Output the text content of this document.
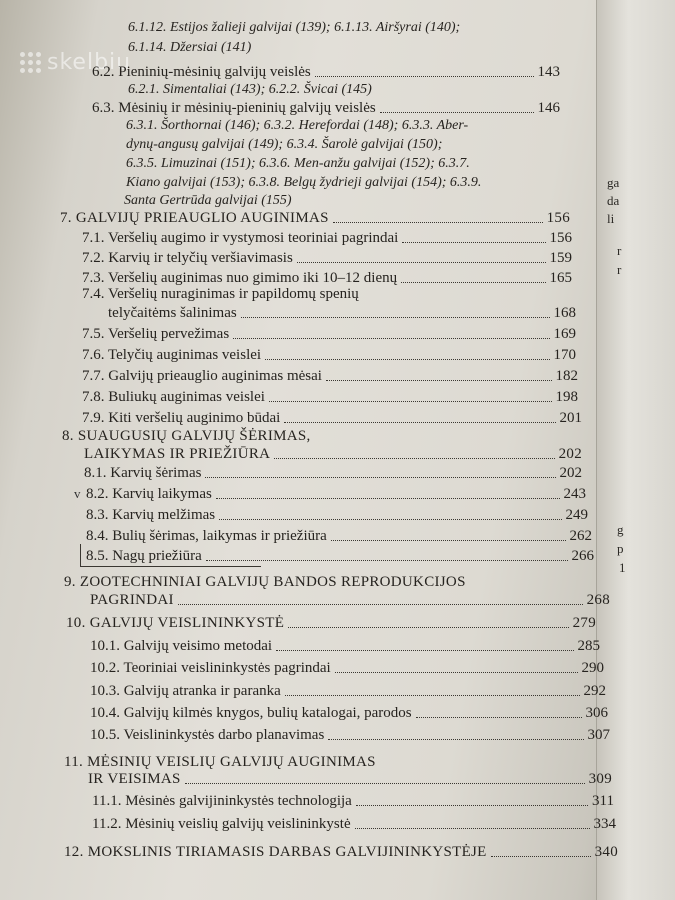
skelbiu
ga
da
li
r
r
g
p
1
6.1.12. Estijos žalieji galvijai (139); 6.1.13. Airšyrai (140);
6.1.14. Džersiai (141)
6.2. Pieninių-mėsinių galvijų veislės	143
6.2.1. Simentaliai (143); 6.2.2. Švicai (145)
6.3. Mėsinių ir mėsinių-pieninių galvijų veislės	146
6.3.1. Šorthornai (146); 6.3.2. Herefordai (148); 6.3.3. Aber-
dynų-angusų galvijai (149); 6.3.4. Šarolė galvijai (150);
6.3.5. Limuzinai (151); 6.3.6. Men-anžu galvijai (152); 6.3.7.
Kiano galvijai (153); 6.3.8. Belgų žydrieji galvijai (154); 6.3.9.
Santa Gertrūda galvijai (155)
7. GALVIJŲ PRIEAUGLIO AUGINIMAS	156
7.1. Veršelių augimo ir vystymosi teoriniai pagrindai	156
7.2. Karvių ir telyčių veršiavimasis	159
7.3. Veršelių auginimas nuo gimimo iki 10–12 dienų	165
7.4. Veršelių nuraginimas ir papildomų spenių
telyčaitėms šalinimas	168
7.5. Veršelių pervežimas	169
7.6. Telyčių auginimas veislei	170
7.7. Galvijų prieauglio auginimas mėsai	182
7.8. Buliukų auginimas veislei	198
7.9. Kiti veršelių auginimo būdai	201
8. SUAUGUSIŲ GALVIJŲ ŠĖRIMAS,
LAIKYMAS IR PRIEŽIŪRA	202
8.1. Karvių šėrimas	202
v 8.2. Karvių laikymas	243
8.3. Karvių melžimas	249
8.4. Bulių šėrimas, laikymas ir priežiūra	262
8.5. Nagų priežiūra	266
9. ZOOTECHNINIAI GALVIJŲ BANDOS REPRODUKCIJOS
PAGRINDAI	268
10. GALVIJŲ VEISLININKYSTĖ	279
10.1. Galvijų veisimo metodai	285
10.2. Teoriniai veislininkystės pagrindai	290
10.3. Galvijų atranka ir paranka	292
10.4. Galvijų kilmės knygos, bulių katalogai, parodos	306
10.5. Veislininkystės darbo planavimas	307
11. MĖSINIŲ VEISLIŲ GALVIJŲ AUGINIMAS
IR VEISIMAS	309
11.1. Mėsinės galvijininkystės technologija	311
11.2. Mėsinių veislių galvijų veislininkystė	334
12. MOKSLINIS TIRIAMASIS DARBAS GALVIJININKYSTĖJE	340
